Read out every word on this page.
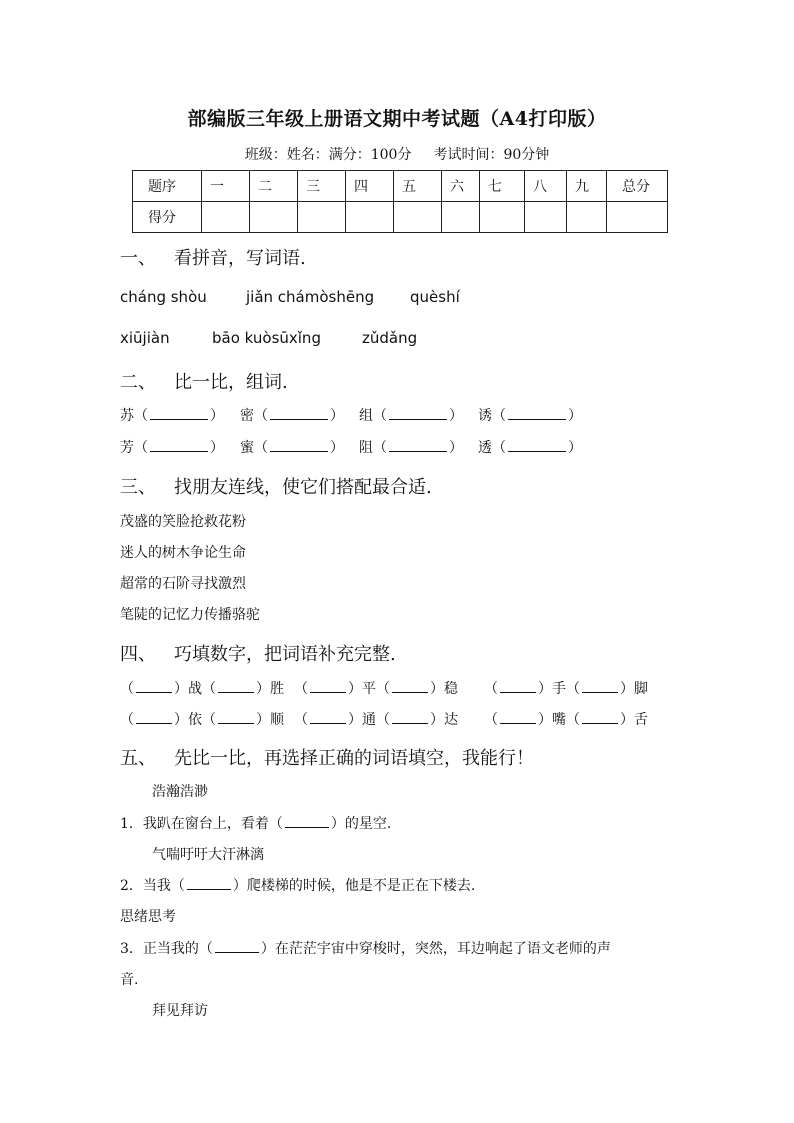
部编版三年级上册语文期中考试题（A4打印版）
班级：姓名：满分：100分 考试时间：90分钟
题序	一	二	三	四	五	六	七	八	九	总分
得分										
一、 看拼音，写词语.
cháng shòu	jiǎn chámòshēng quèshí
xiūjiàn	bāo kuòsūxǐng	zǔdǎng
二、 比一比，组词.
苏（	） 密（	） 组（	） 诱（	）
芳（	） 蜜（	） 阻（	） 透（	）
三、 找朋友连线，使它们搭配最合适.
茂盛的笑脸抢救花粉
迷人的树木争论生命
超常的石阶寻找激烈
笔陡的记忆力传播骆驼
四、 巧填数字，把词语补充完整.
（	）战（	）胜 （	）平（	）稳 （	）手（	）脚
（	）依（	）顺 （	）通（	）达 （	）嘴（	）舌
五、 先比一比，再选择正确的词语填空，我能行！
浩瀚浩渺
1．我趴在窗台上，看着（	）的星空.
气喘吁吁大汗淋漓
2．当我（	）爬楼梯的时候，他是不是正在下楼去.
思绪思考
3．正当我的（	）在茫茫宇宙中穿梭时，突然，耳边响起了语文老师的声
音.
拜见拜访
